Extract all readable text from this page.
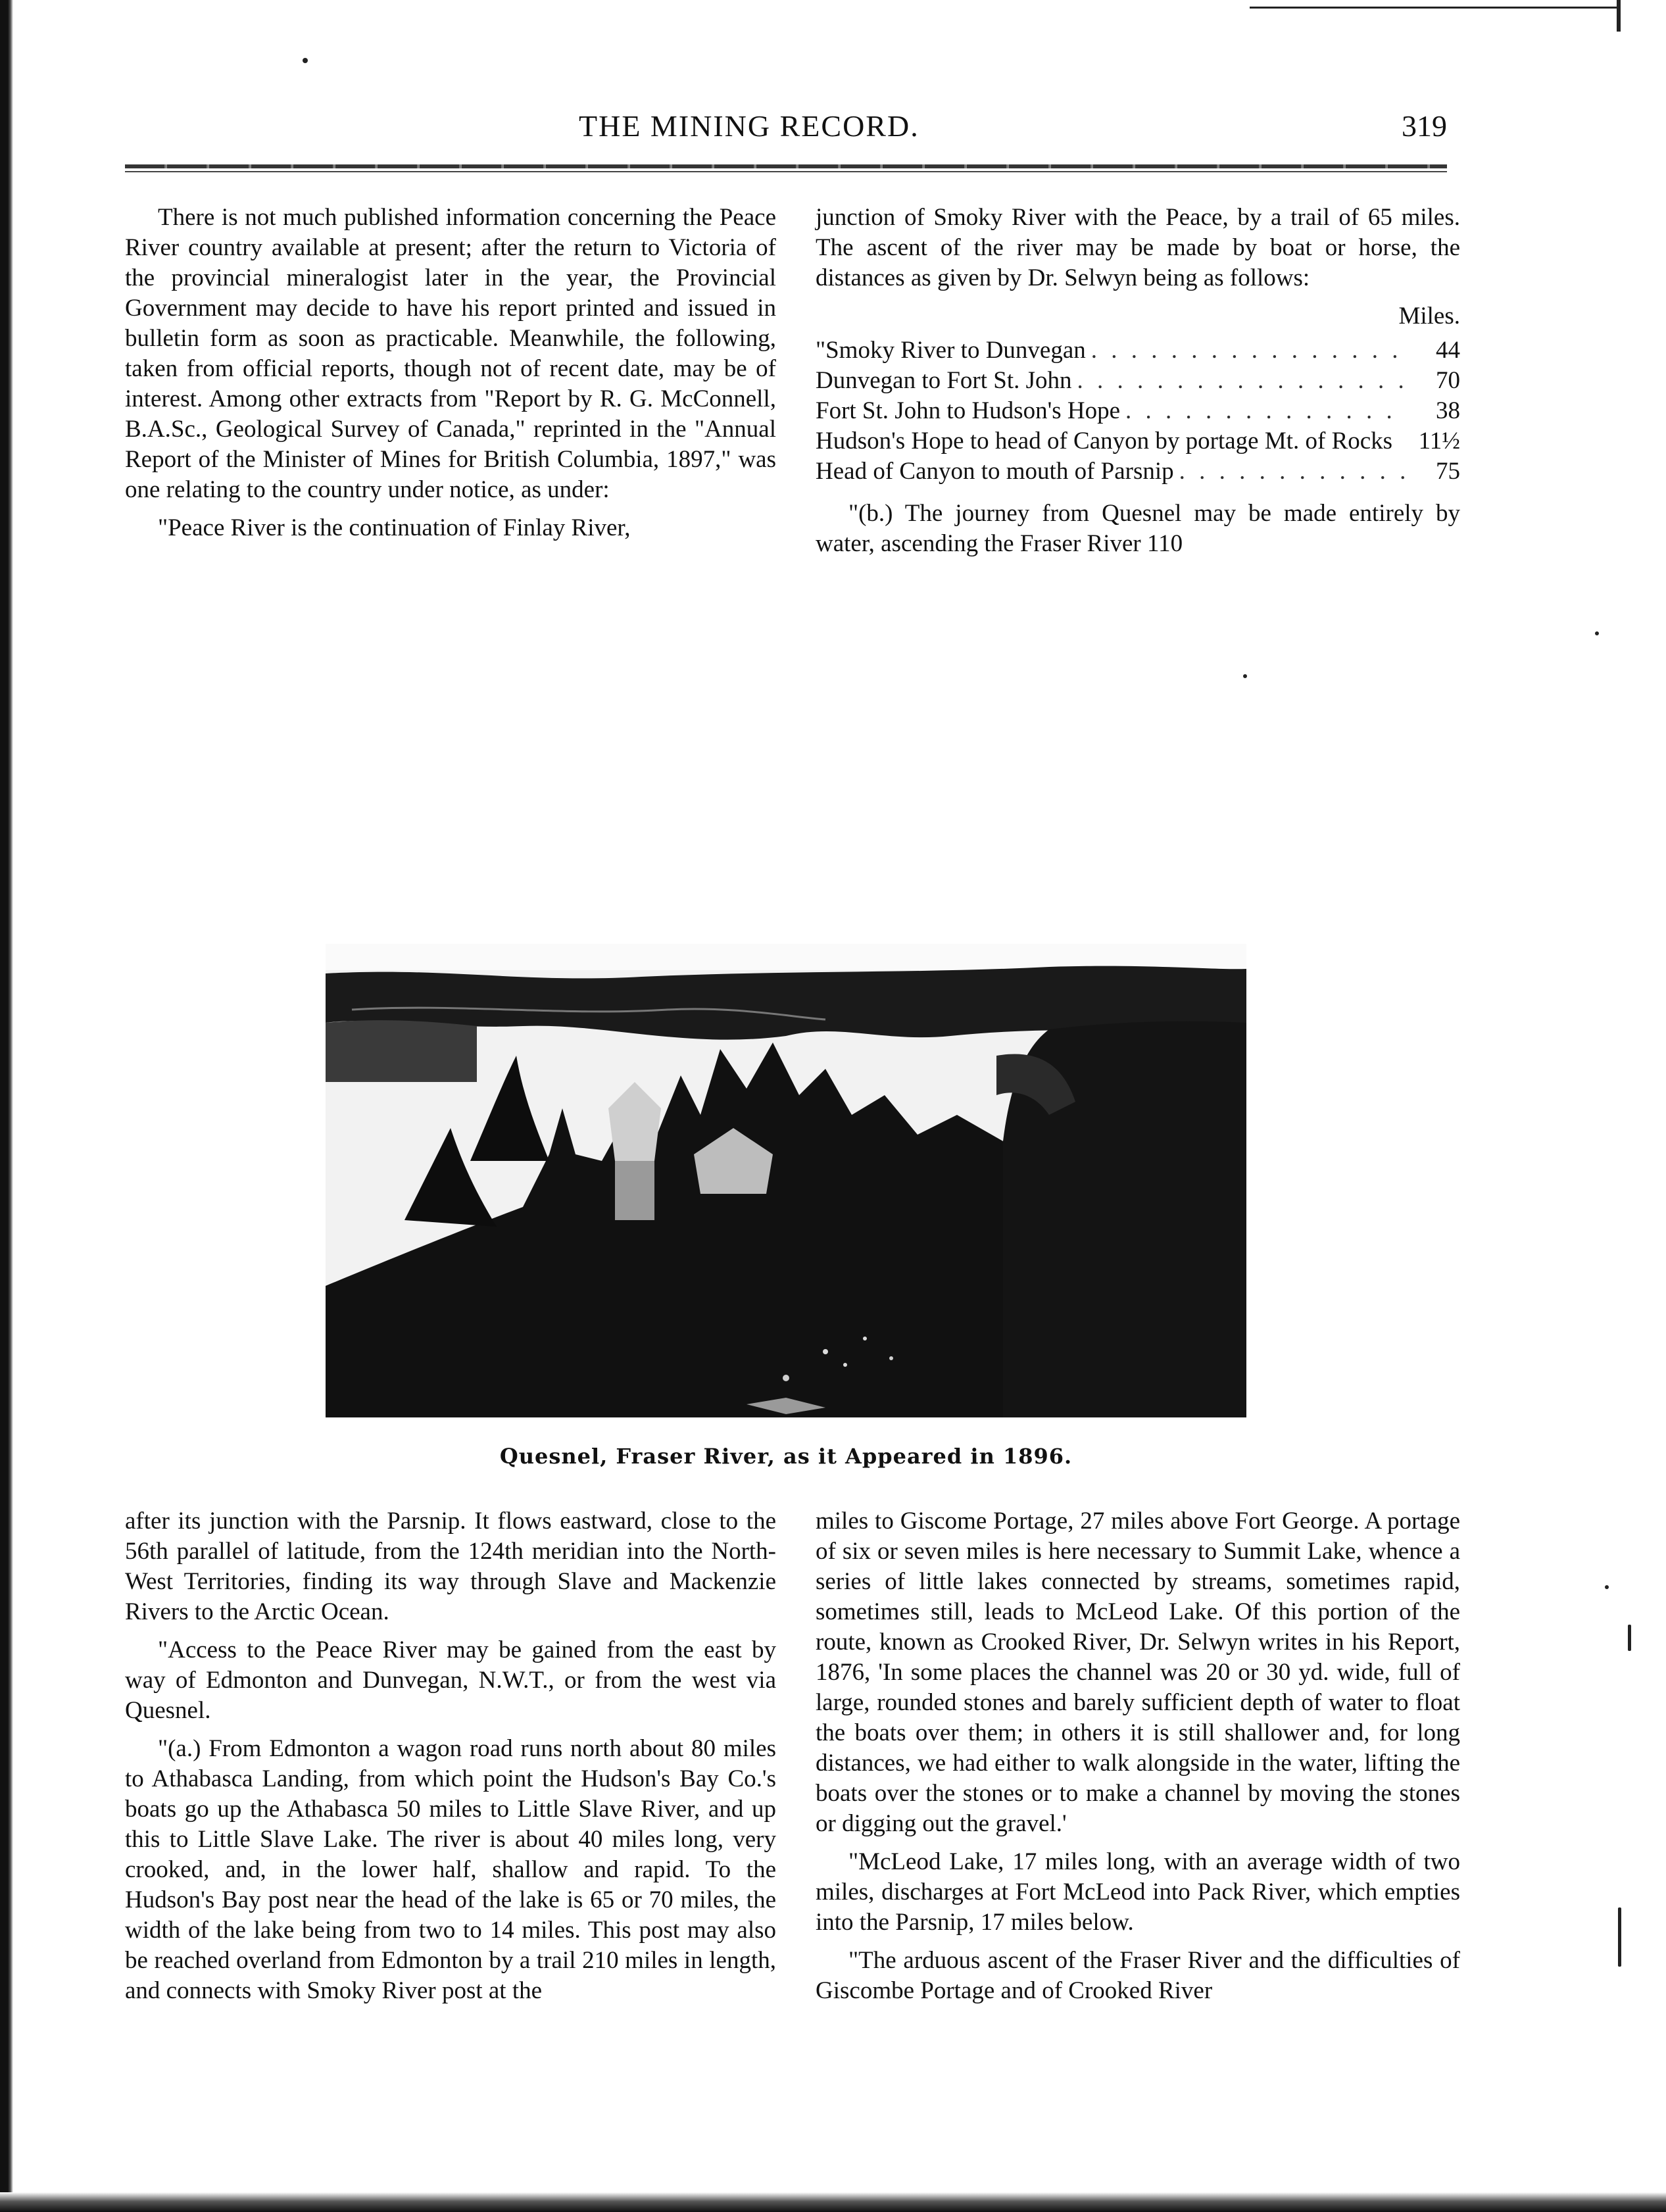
THE MINING RECORD.	319

There is not much published information concerning the Peace River country available at present; after the return to Victoria of the provincial mineralogist later in the year, the Provincial Government may decide to have his report printed and issued in bulletin form as soon as practicable. Meanwhile, the following, taken from official reports, though not of recent date, may be of interest. Among other extracts from "Report by R. G. McConnell, B.A.Sc., Geological Survey of Canada," reprinted in the "Annual Report of the Minister of Mines for British Columbia, 1897," was one relating to the country under notice, as under:

"Peace River is the continuation of Finlay River,

junction of Smoky River with the Peace, by a trail of 65 miles. The ascent of the river may be made by boat or horse, the distances as given by Dr. Selwyn being as follows:

Miles.

"Smoky River to Dunvegan . . .	44
Dunvegan to Fort St. John . . .	70
Fort St. John to Hudson's Hope . . .	38
Hudson's Hope to head of Canyon by portage Mt. of Rocks 11½
Head of Canyon to mouth of Parsnip . . .	75

"(b.) The journey from Quesnel may be made entirely by water, ascending the Fraser River 110

Quesnel, Fraser River, as it Appeared in 1896.

after its junction with the Parsnip. It flows eastward, close to the 56th parallel of latitude, from the 124th meridian into the North-West Territories, finding its way through Slave and Mackenzie Rivers to the Arctic Ocean.

"Access to the Peace River may be gained from the east by way of Edmonton and Dunvegan, N.W.T., or from the west via Quesnel.

"(a.) From Edmonton a wagon road runs north about 80 miles to Athabasca Landing, from which point the Hudson's Bay Co.'s boats go up the Athabasca 50 miles to Little Slave River, and up this to Little Slave Lake. The river is about 40 miles long, very crooked, and, in the lower half, shallow and rapid. To the Hudson's Bay post near the head of the lake is 65 or 70 miles, the width of the lake being from two to 14 miles. This post may also be reached overland from Edmonton by a trail 210 miles in length, and connects with Smoky River post at the

miles to Giscome Portage, 27 miles above Fort George. A portage of six or seven miles is here necessary to Summit Lake, whence a series of little lakes connected by streams, sometimes rapid, sometimes still, leads to McLeod Lake. Of this portion of the route, known as Crooked River, Dr. Selwyn writes in his Report, 1876, 'In some places the channel was 20 or 30 yd. wide, full of large, rounded stones and barely sufficient depth of water to float the boats over them; in others it is still shallower and, for long distances, we had either to walk alongside in the water, lifting the boats over the stones or to make a channel by moving the stones or digging out the gravel.'

"McLeod Lake, 17 miles long, with an average width of two miles, discharges at Fort McLeod into Pack River, which empties into the Parsnip, 17 miles below.

"The arduous ascent of the Fraser River and the difficulties of Giscombe Portage and of Crooked River
